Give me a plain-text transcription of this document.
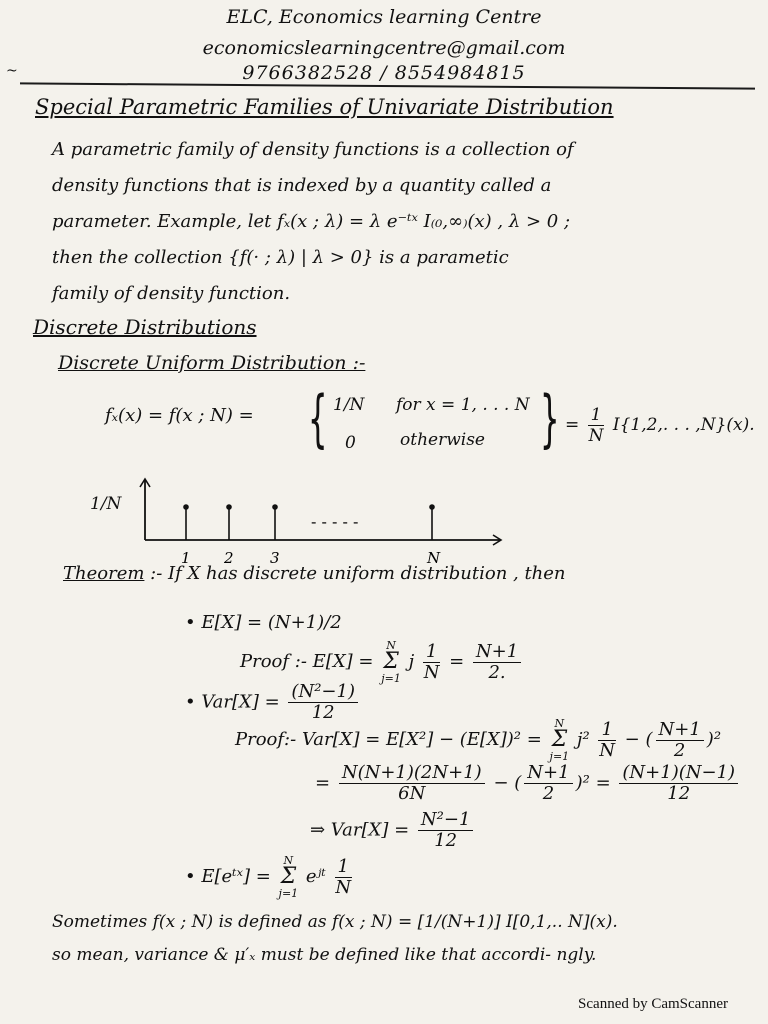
~
ELC, Economics learning Centre
economicslearningcentre@gmail.com
9766382528 / 8554984815
Special Parametric Families of Univariate Distribution
A parametric family of density functions is a collection of
density functions that is indexed by a quantity called a
parameter. Example, let fₓ(x ; λ) = λ e⁻ᵗˣ I₍₀,∞₎(x) , λ > 0 ;
then the collection {f(· ; λ) | λ > 0} is a parametic
family of density function.
Discrete Distributions
Discrete Uniform Distribution :-
fₓ(x) = f(x ; N) = { 1/N for x = 1, . . . N
0	otherwise } = $\frac{1}{N} I\{1,2$,. . . ,N}(x).
1/N
- - - - -
1 2 3	N
Theorem :- If X has discrete uniform distribution , then
• E[X] = (N+1)/2
Proof :- E[X] = N
Σ
j=1 j $\frac{1}{N} = \frac{N+1}{2.}$
• $Var[X] = \frac{\text{(N²−1)}}{12}$
Proof:- Var[X] = E[X²] − (E[X])² = N
Σ
j=1 $j^2 \frac{1}{N}$ − ( $\frac{N+1}{2} )^2$
= $\frac{N(N+1)(2N+1)}{6N}$ − ( $\frac{N+1}{2} )^2 = \frac{(N+1)(N-1)}{12}$
⇒ $Var[X] = \frac{\text{N²−1}}{12}$
• E[eᵗˣ] = N
Σ
j=1 eʲᵗ $\frac{1}{N}$
Sometimes f(x ; N) is defined as f(x ; N) = [1/(N+1)] I[0,1,.. N](x).
so mean, variance & μ′ₓ must be defined like that accordi- ngly.
Scanned by CamScanner
